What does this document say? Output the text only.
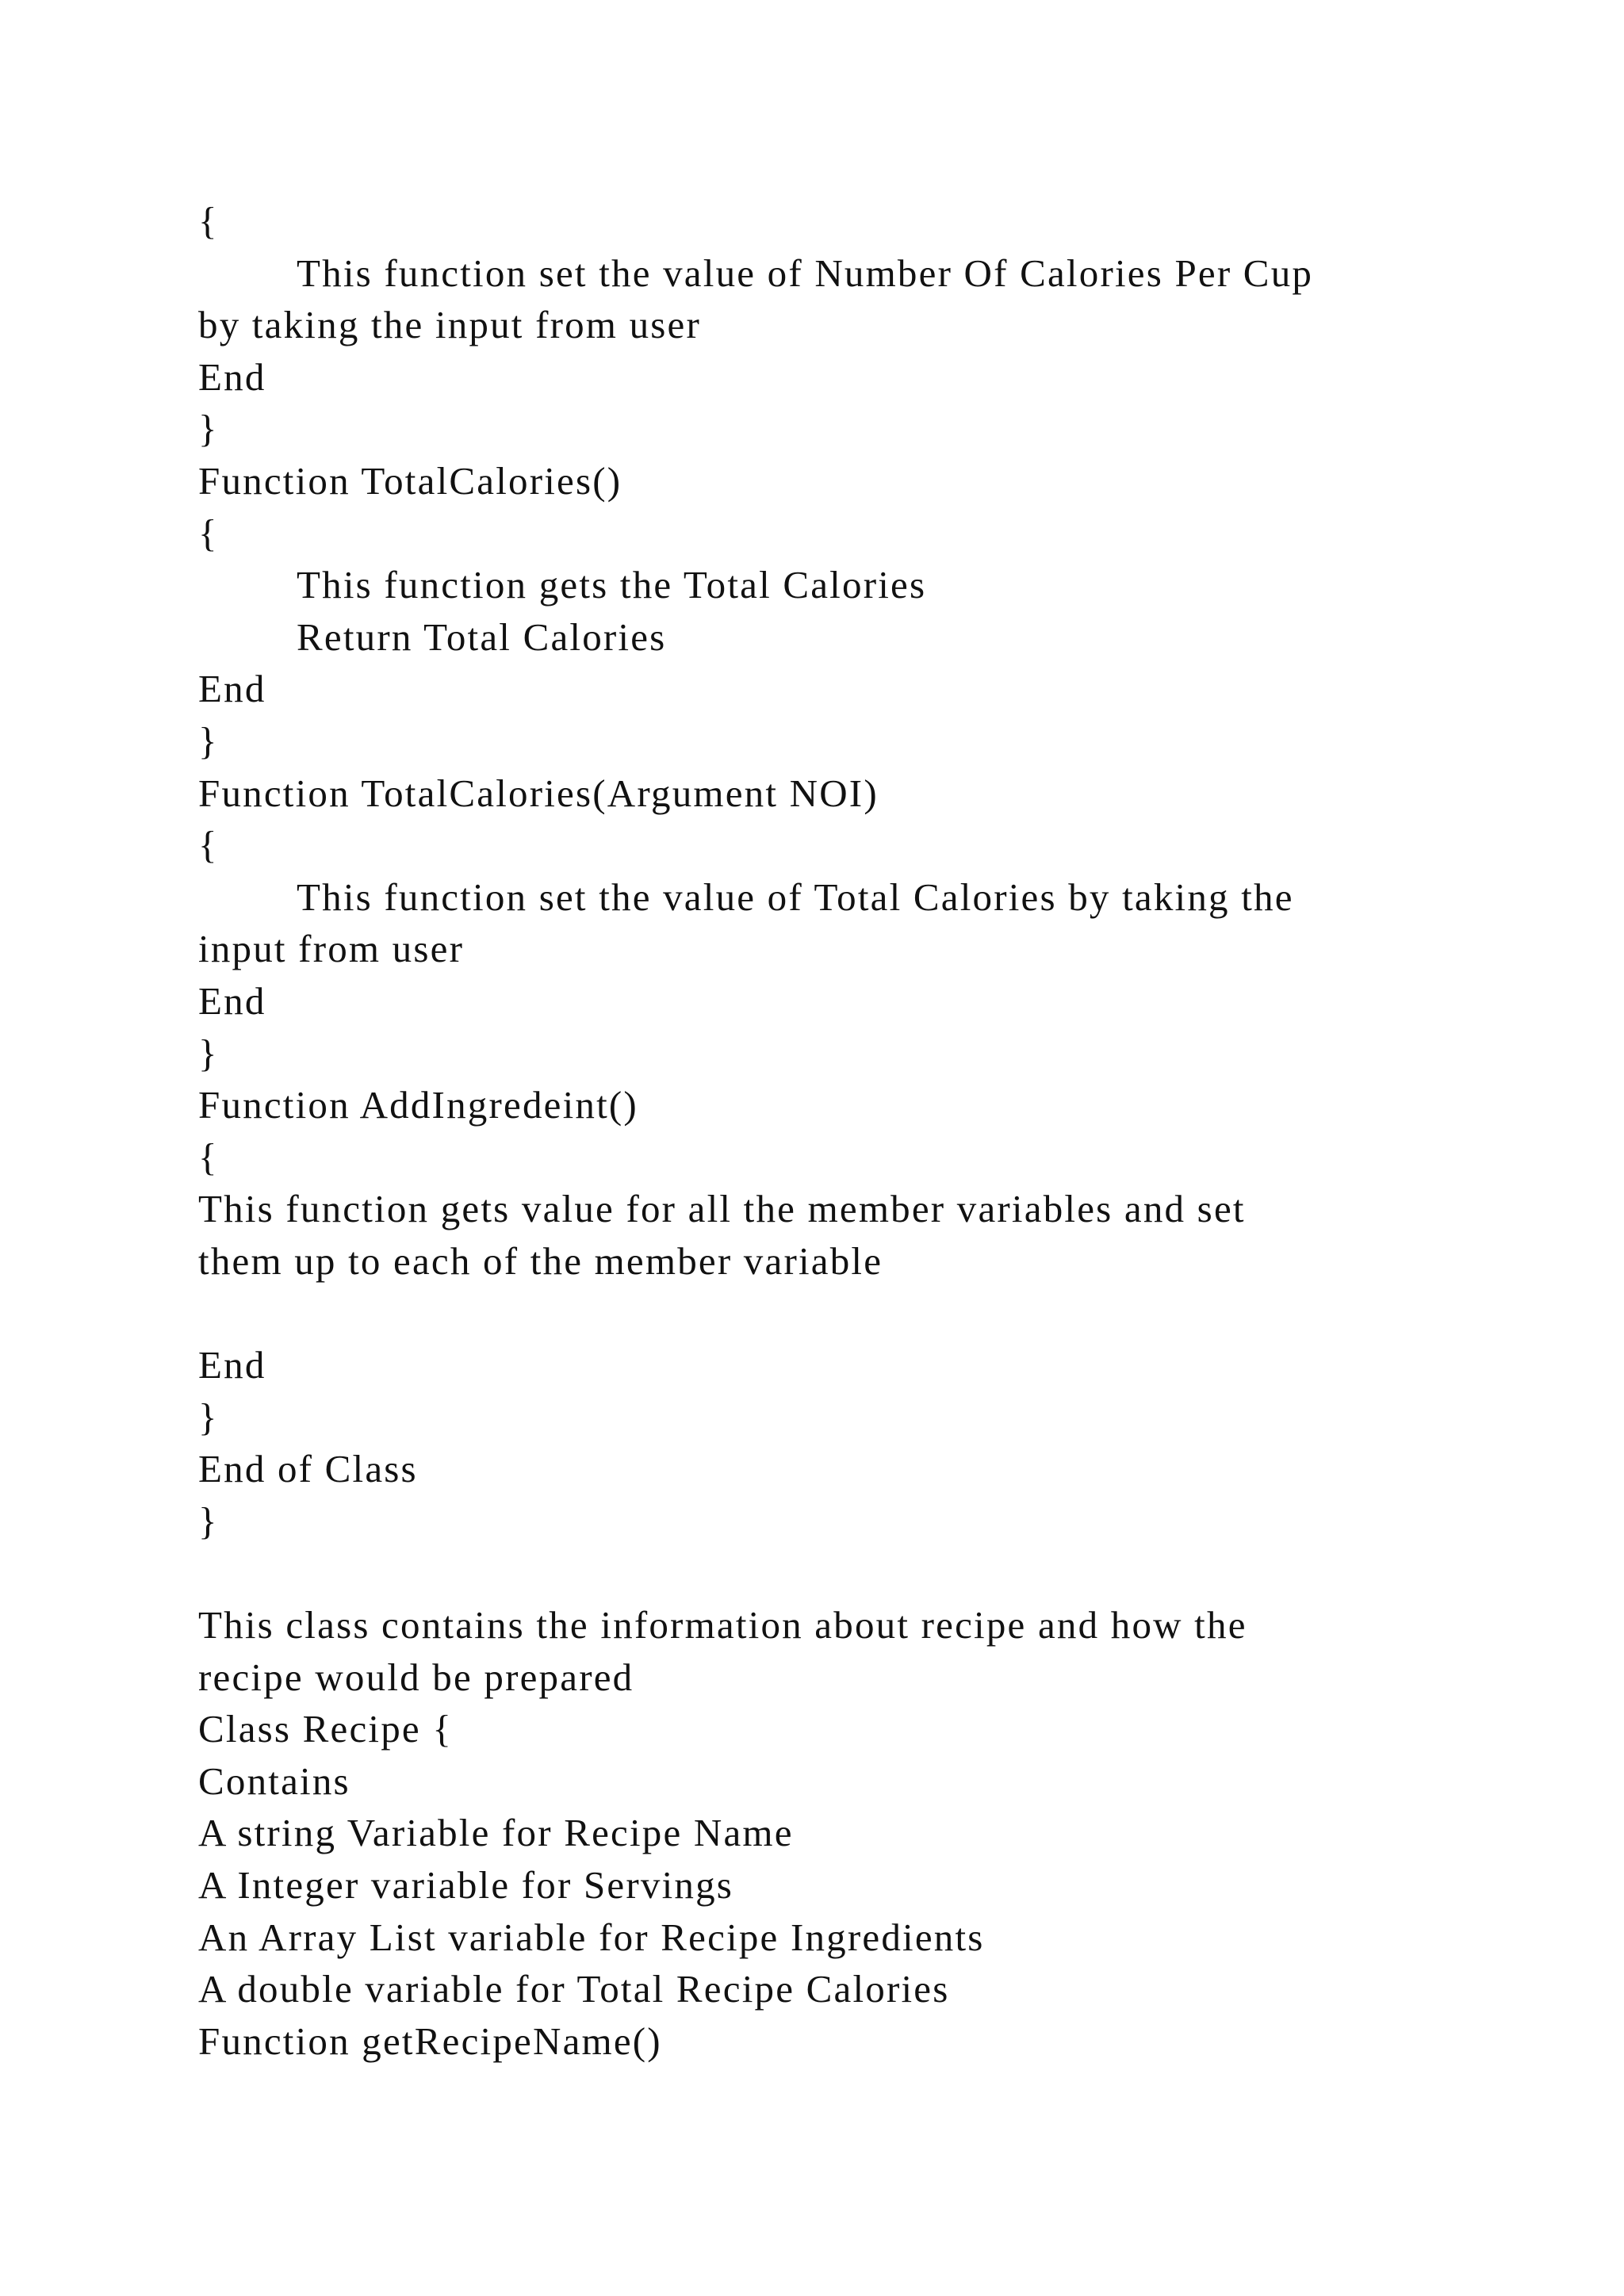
{
This function set the value of Number Of Calories Per Cup
by taking the input from user
End
}
Function TotalCalories()
{
This function gets the Total Calories
Return Total Calories
End
}
Function TotalCalories(Argument NOI)
{
This function set the value of Total Calories by taking the
input from user
End
}
Function AddIngredeint()
{
This function gets value for all the member variables and set
them up to each of the member variable
End
}
End of Class
}
This class contains the information about recipe and how the
recipe would be prepared
Class Recipe {
Contains
A string Variable for Recipe Name
A Integer variable for Servings
An Array List variable for Recipe Ingredients
A double variable for Total Recipe Calories
Function getRecipeName()
